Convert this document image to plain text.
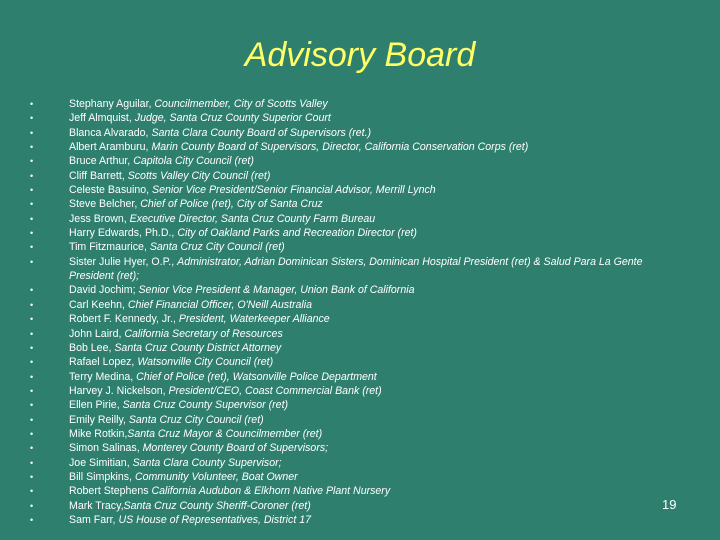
Advisory Board
•	Stephany Aguilar, Councilmember, City of Scotts Valley
•	Jeff Almquist, Judge, Santa Cruz County Superior Court
•	Blanca Alvarado, Santa Clara County Board of Supervisors (ret.)
•	Albert Aramburu, Marin County Board of Supervisors, Director, California Conservation Corps (ret)
•	Bruce Arthur, Capitola City Council (ret)
•	Cliff Barrett, Scotts Valley City Council (ret)
•	Celeste Basuino, Senior Vice President/Senior Financial Advisor, Merrill Lynch
•	Steve Belcher, Chief of Police (ret), City of Santa Cruz
•	Jess Brown, Executive Director, Santa Cruz County Farm Bureau
•	Harry Edwards, Ph.D., City of Oakland Parks and Recreation Director (ret)
•	Tim Fitzmaurice, Santa Cruz City Council (ret)
•	Sister Julie Hyer, O.P., Administrator, Adrian Dominican Sisters, Dominican Hospital President (ret) & Salud Para La Gente President (ret);
•	David Jochim; Senior Vice President & Manager, Union Bank of California
•	Carl Keehn, Chief Financial Officer, O'Neill Australia
•	Robert F. Kennedy, Jr., President, Waterkeeper Alliance
•	John Laird, California Secretary of Resources
•	Bob Lee, Santa Cruz County District Attorney
•	Rafael Lopez, Watsonville City Council (ret)
•	Terry Medina, Chief of Police (ret), Watsonville Police Department
•	Harvey J. Nickelson, President/CEO, Coast Commercial Bank (ret)
•	Ellen Pirie, Santa Cruz County Supervisor (ret)
•	Emily Reilly, Santa Cruz City Council (ret)
•	Mike Rotkin,Santa Cruz Mayor & Councilmember (ret)
•	Simon Salinas, Monterey County Board of Supervisors;
•	Joe Simitian, Santa Clara County Supervisor;
•	Bill Simpkins, Community Volunteer, Boat Owner
•	Robert Stephens California Audubon & Elkhorn Native Plant Nursery
•	Mark Tracy,Santa Cruz County Sheriff-Coroner (ret)
•	Sam Farr, US House of Representatives, District 17
19
